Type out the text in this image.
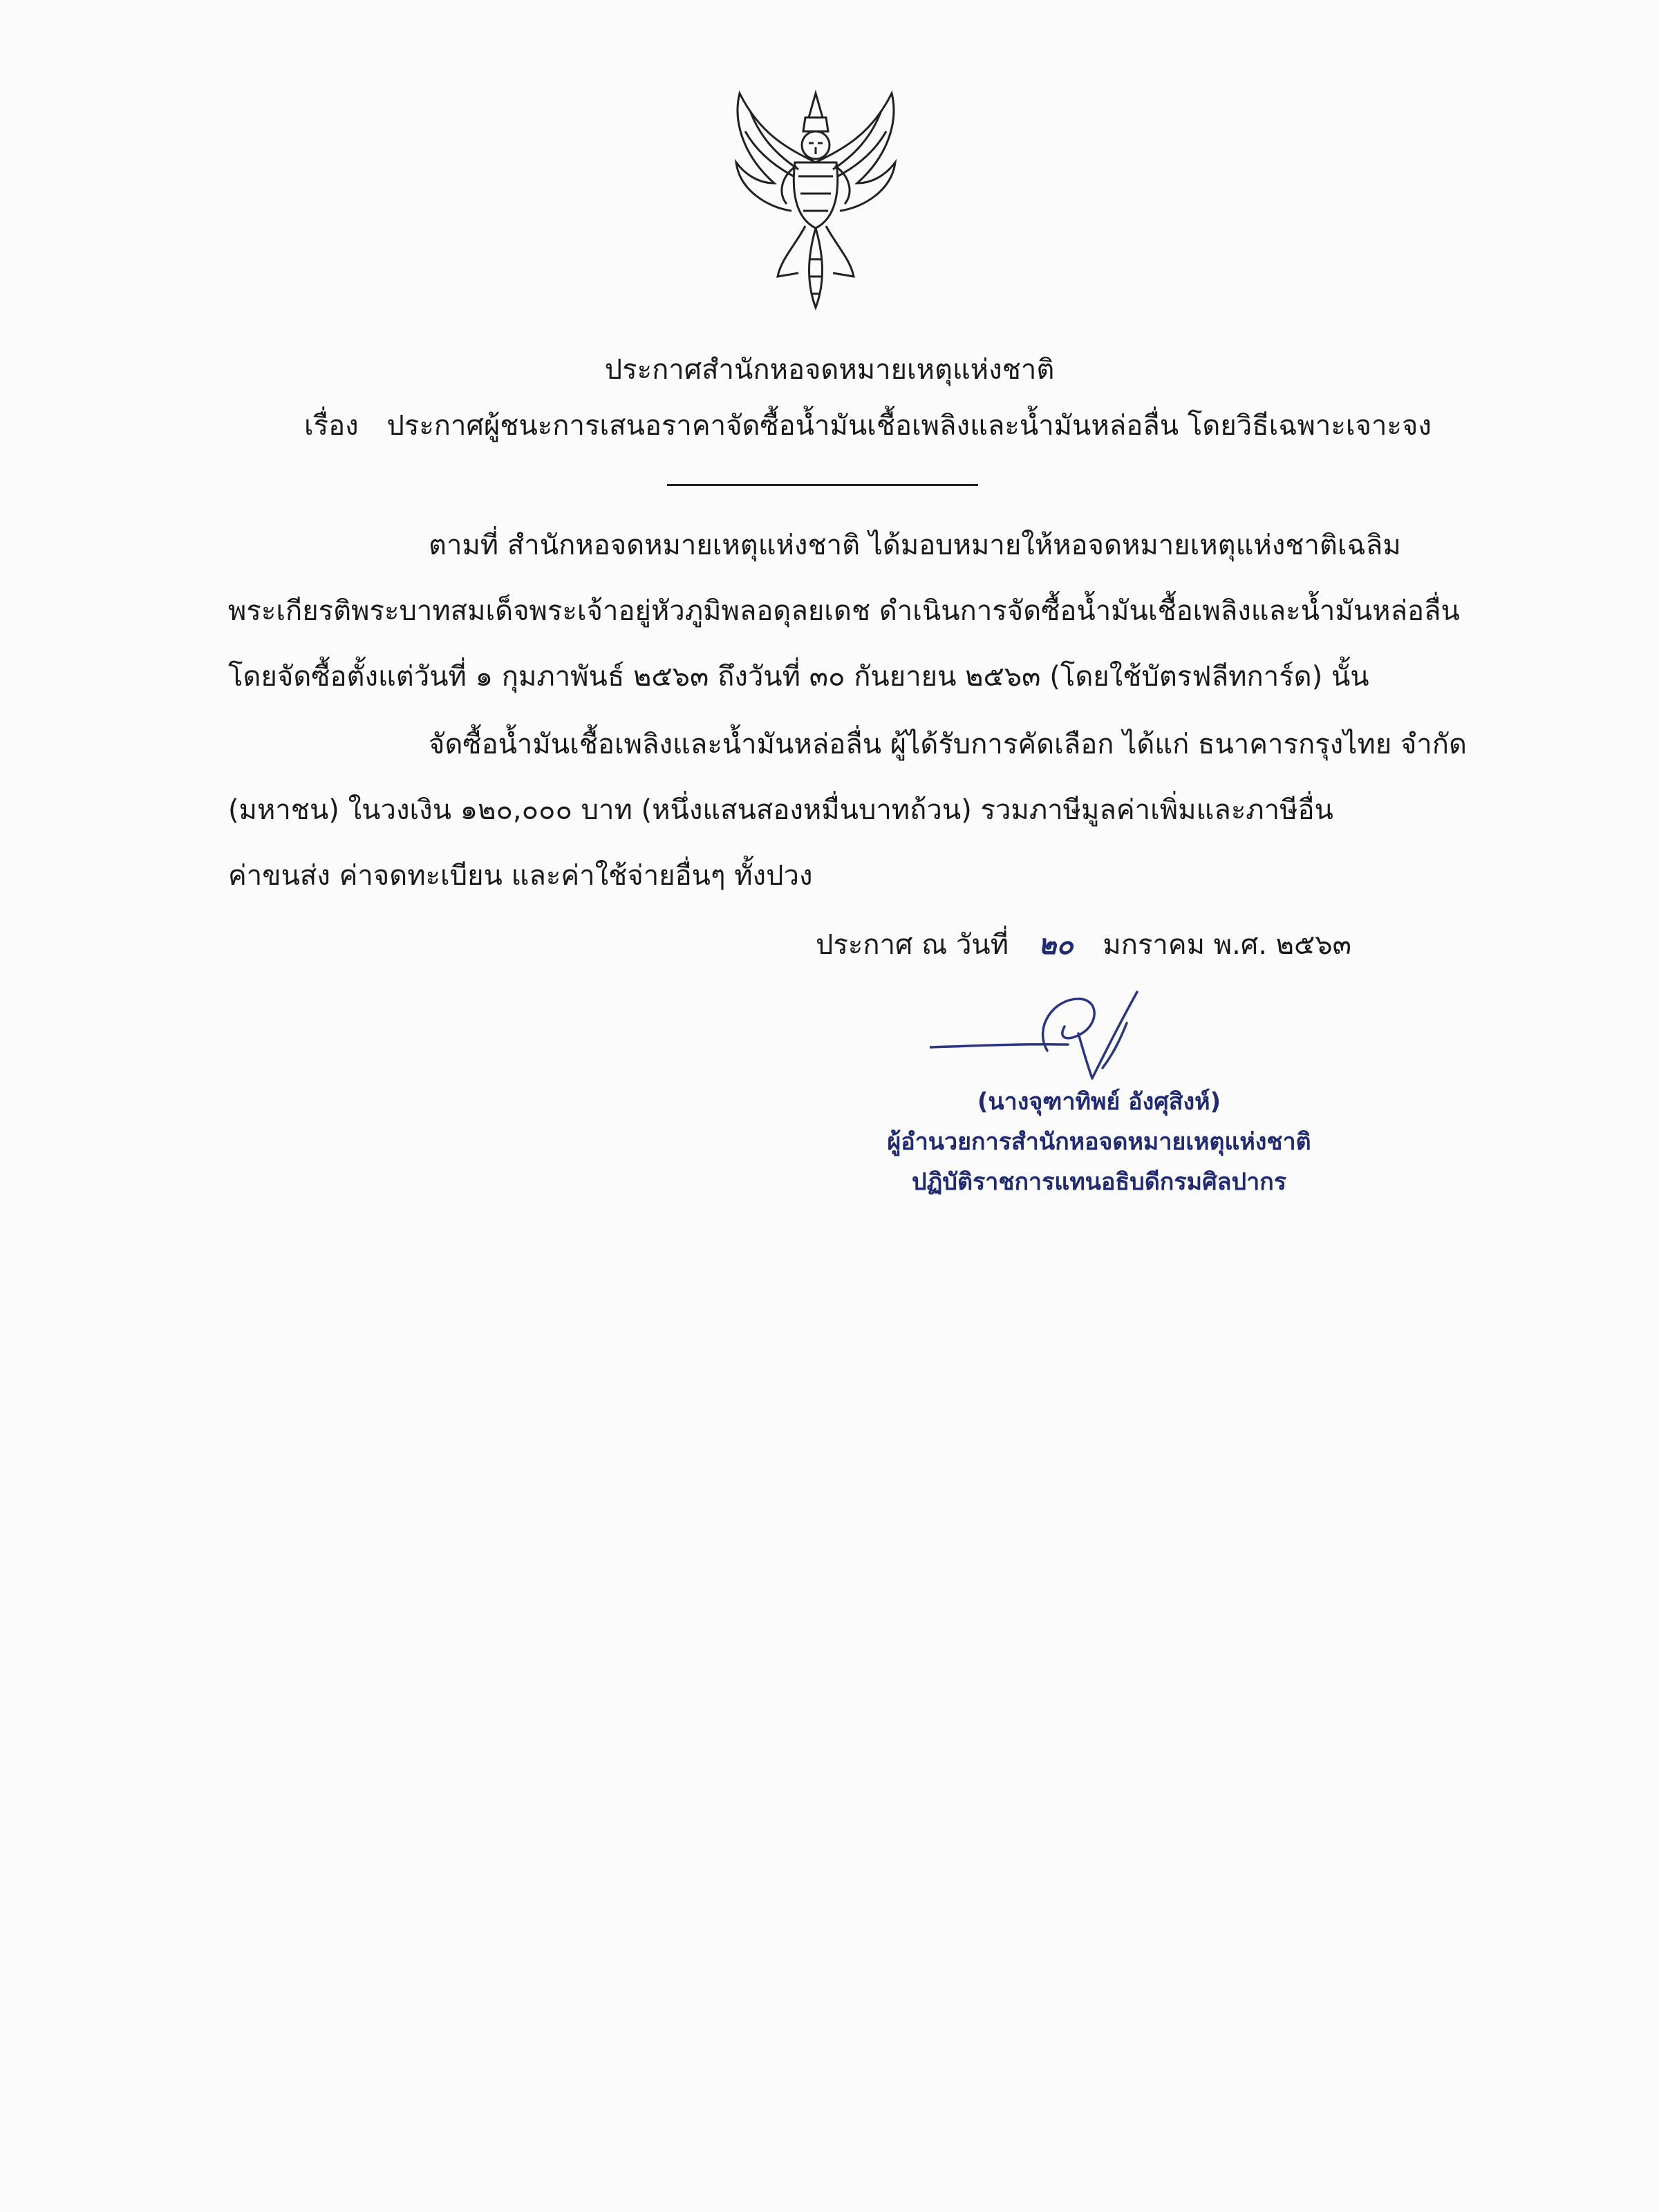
ประกาศสำนักหอจดหมายเหตุแห่งชาติ
เรื่อง ประกาศผู้ชนะการเสนอราคาจัดซื้อน้ำมันเชื้อเพลิงและน้ำมันหล่อลื่น โดยวิธีเฉพาะเจาะจง
ตามที่ สำนักหอจดหมายเหตุแห่งชาติ ได้มอบหมายให้หอจดหมายเหตุแห่งชาติเฉลิม
พระเกียรติพระบาทสมเด็จพระเจ้าอยู่หัวภูมิพลอดุลยเดช ดำเนินการจัดซื้อน้ำมันเชื้อเพลิงและน้ำมันหล่อลื่น
โดยจัดซื้อตั้งแต่วันที่ ๑ กุมภาพันธ์ ๒๕๖๓ ถึงวันที่ ๓๐ กันยายน ๒๕๖๓ (โดยใช้บัตรฟลีทการ์ด) นั้น
จัดซื้อน้ำมันเชื้อเพลิงและน้ำมันหล่อลื่น ผู้ได้รับการคัดเลือก ได้แก่ ธนาคารกรุงไทย จำกัด
(มหาชน) ในวงเงิน ๑๒๐,๐๐๐ บาท (หนึ่งแสนสองหมื่นบาทถ้วน) รวมภาษีมูลค่าเพิ่มและภาษีอื่น
ค่าขนส่ง ค่าจดทะเบียน และค่าใช้จ่ายอื่นๆ ทั้งปวง
ประกาศ ณ วันที่ ๒๐ มกราคม พ.ศ. ๒๕๖๓
(นางจุฑาทิพย์ อังศุสิงห์)
ผู้อำนวยการสำนักหอจดหมายเหตุแห่งชาติ
ปฏิบัติราชการแทนอธิบดีกรมศิลปากร
